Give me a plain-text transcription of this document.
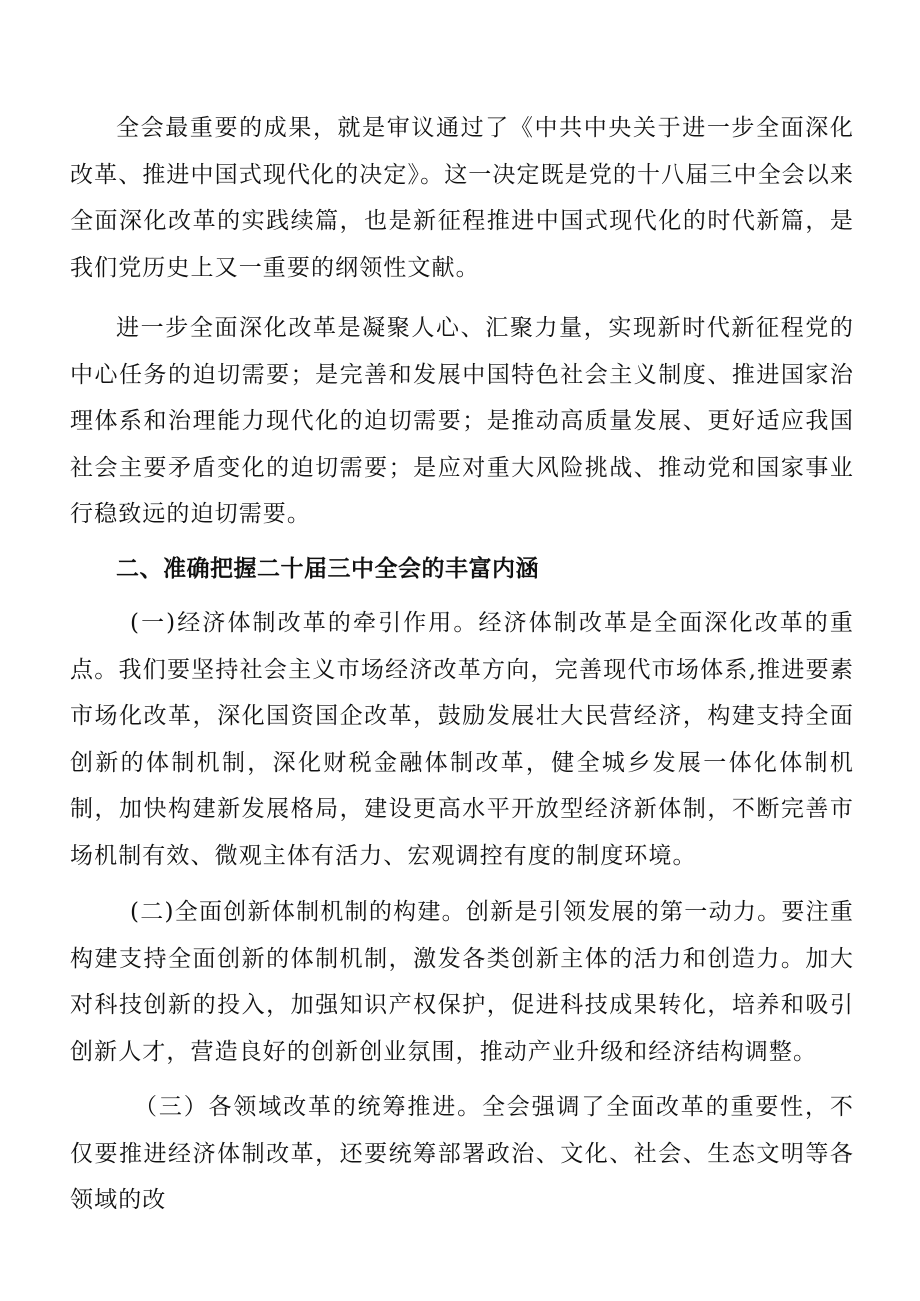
全会最重要的成果，就是审议通过了《中共中央关于进一步全面深化改革、推进中国式现代化的决定》。这一决定既是党的十八届三中全会以来全面深化改革的实践续篇，也是新征程推进中国式现代化的时代新篇，是我们党历史上又一重要的纲领性文献。

进一步全面深化改革是凝聚人心、汇聚力量，实现新时代新征程党的中心任务的迫切需要；是完善和发展中国特色社会主义制度、推进国家治理体系和治理能力现代化的迫切需要；是推动高质量发展、更好适应我国社会主要矛盾变化的迫切需要；是应对重大风险挑战、推动党和国家事业行稳致远的迫切需要。

二、准确把握二十届三中全会的丰富内涵

(一)经济体制改革的牵引作用。经济体制改革是全面深化改革的重点。我们要坚持社会主义市场经济改革方向，完善现代市场体系,推进要素市场化改革，深化国资国企改革，鼓励发展壮大民营经济，构建支持全面创新的体制机制，深化财税金融体制改革，健全城乡发展一体化体制机制，加快构建新发展格局，建设更高水平开放型经济新体制，不断完善市场机制有效、微观主体有活力、宏观调控有度的制度环境。

(二)全面创新体制机制的构建。创新是引领发展的第一动力。要注重构建支持全面创新的体制机制，激发各类创新主体的活力和创造力。加大对科技创新的投入，加强知识产权保护，促进科技成果转化，培养和吸引创新人才，营造良好的创新创业氛围，推动产业升级和经济结构调整。

（三）各领域改革的统筹推进。全会强调了全面改革的重要性，不仅要推进经济体制改革，还要统筹部署政治、文化、社会、生态文明等各领域的改
